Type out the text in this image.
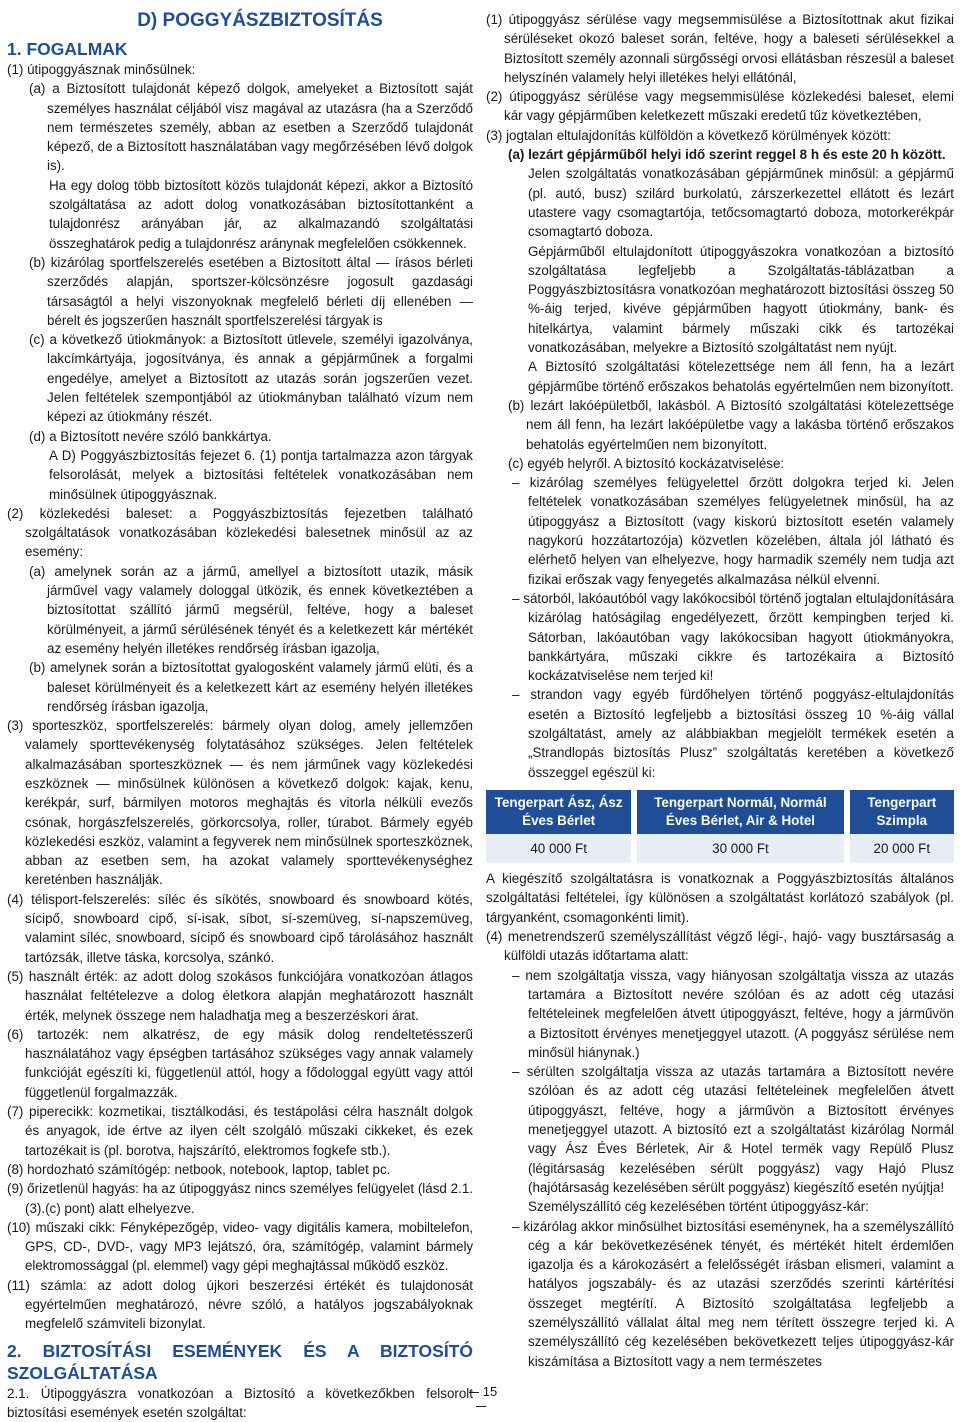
D) POGGYÁSZBIZTOSÍTÁS
1. FOGALMAK

(1) útipoggyásznak minősülnek:

(a) a Biztosított tulajdonát képező dolgok, amelyeket a Biztosított saját személyes használat céljából visz magával az utazásra (ha a Szerződő nem természetes személy, abban az esetben a Szerződő tulajdonát képező, de a Biztosított használatában vagy megőrzésében lévő dolgok is).

Ha egy dolog több biztosított közös tulajdonát képezi, akkor a Biztosító szolgáltatása az adott dolog vonatkozásában biztosítottanként a tulajdonrész arányában jár, az alkalmazandó szolgáltatási összeghatárok pedig a tulajdonrész aránynak megfelelően csökkennek.

(b) kizárólag sportfelszerelés esetében a Biztosított által — írásos bérleti szerződés alapján, sportszer-kölcsönzésre jogosult gazdasági társaságtól a helyi viszonyoknak megfelelő bérleti díj ellenében — bérelt és jogszerűen használt sportfelszerelési tárgyak is

(c) a következő útiokmányok: a Biztosított útlevele, személyi igazolványa, lakcímkártyája, jogosítványa, és annak a gépjárműnek a forgalmi engedélye, amelyet a Biztosított az utazás során jogszerűen vezet. Jelen feltételek szempontjából az útiokmányban található vízum nem képezi az útiokmány részét.

(d) a Biztosított nevére szóló bankkártya.

A D) Poggyászbiztosítás fejezet 6. (1) pontja tartalmazza azon tárgyak felsorolását, melyek a biztosítási feltételek vonatkozásában nem minősülnek útipoggyásznak.

(2) közlekedési baleset: a Poggyászbiztosítás fejezetben található szolgáltatások vonatkozásában közlekedési balesetnek minősül az az esemény:

(a) amelynek során az a jármű, amellyel a biztosított utazik, másik járművel vagy valamely dologgal ütközik, és ennek következtében a biztosítottat szállító jármű megsérül, feltéve, hogy a baleset körülményeit, a jármű sérülésének tényét és a keletkezett kár mértékét az esemény helyén illetékes rendőrség írásban igazolja,

(b) amelynek során a biztosítottat gyalogosként valamely jármű elüti, és a baleset körülményeit és a keletkezett kárt az esemény helyén illetékes rendőrség írásban igazolja,

(3) sporteszköz, sportfelszerelés: bármely olyan dolog, amely jellemzően valamely sporttevékenység folytatásához szükséges. Jelen feltételek alkalmazásában sporteszköznek — és nem járműnek vagy közlekedési eszköznek — minősülnek különösen a következő dolgok: kajak, kenu, kerékpár, surf, bármilyen motoros meghajtás és vitorla nélküli evezős csónak, horgászfelszerelés, görkorcsolya, roller, túrabot. Bármely egyéb közlekedési eszköz, valamint a fegyverek nem minősülnek sporteszköznek, abban az esetben sem, ha azokat valamely sporttevékenységhez kereténben használják.

(4) télisport-felszerelés: síléc és síkötés, snowboard és snowboard kötés, sícipő, snowboard cipő, sí-isak, síbot, sí-szemüveg, sí-napszemüveg, valamint síléc, snowboard, sícipő és snowboard cipő tárolásához használt tartózsák, illetve táska, korcsolya, szánkó.

(5) használt érték: az adott dolog szokásos funkciójára vonatkozóan átlagos használat feltételezve a dolog életkora alapján meghatározott használt érték, melynek összege nem haladhatja meg a beszerzéskori árat.

(6) tartozék: nem alkatrész, de egy másik dolog rendeltetésszerű használatához vagy épségben tartásához szükséges vagy annak valamely funkcióját egészíti ki, függetlenül attól, hogy a fődologgal együtt vagy attól függetlenül forgalmazzák.

(7) piperecikk: kozmetikai, tisztálkodási, és testápolási célra használt dolgok és anyagok, ide értve az ilyen célt szolgáló műszaki cikkeket, és ezek tartozékait is (pl. borotva, hajszárító, elektromos fogkefe stb.).

(8) hordozható számítógép: netbook, notebook, laptop, tablet pc.

(9) őrizetlenül hagyás: ha az útipoggyász nincs személyes felügyelet (lásd 2.1.(3).(c) pont) alatt elhelyezve.

(10) műszaki cikk: Fényképezőgép, video- vagy digitális kamera, mobiltelefon, GPS, CD-, DVD-, vagy MP3 lejátszó, óra, számítógép, valamint bármely elektromossággal (pl. elemmel) vagy gépi meghajtással működő eszköz.

(11) számla: az adott dolog újkori beszerzési értékét és tulajdonosát egyértelműen meghatározó, névre szóló, a hatályos jogszabályoknak megfelelő számviteli bizonylat.

2. BIZTOSÍTÁSI ESEMÉNYEK ÉS A BIZTOSÍTÓ SZOLGÁLTATÁSA

2.1. Útipoggyászra vonatkozóan a Biztosító a következőkben felsorolt biztosítási események esetén szolgáltat:

(1) útipoggyász sérülése vagy megsemmisülése a Biztosítottnak akut fizikai sérüléseket okozó baleset során, feltéve, hogy a baleseti sérülésekkel a Biztosított személy azonnali sürgősségi orvosi ellátásban részesül a baleset helyszínén valamely helyi illetékes helyi ellátónál,

(2) útipoggyász sérülése vagy megsemmisülése közlekedési baleset, elemi kár vagy gépjárműben keletkezett műszaki eredetű tűz következtében,

(3) jogtalan eltulajdonítás külföldön a következő körülmények között:

(a) lezárt gépjárműből helyi idő szerint reggel 8 h és este 20 h között.

Jelen szolgáltatás vonatkozásában gépjárműnek minősül: a gépjármű (pl. autó, busz) szilárd burkolatú, zárszerkezettel ellátott és lezárt utastere vagy csomagtartója, tetőcsomagtartó doboza, motorkerékpár csomagtartó doboza.

Gépjárműből eltulajdonított útipoggyászokra vonatkozóan a biztosító szolgáltatása legfeljebb a Szolgáltatás-táblázatban a Poggyászbiztosításra vonatkozóan meghatározott biztosítási összeg 50 %-áig terjed, kivéve gépjárműben hagyott útiokmány, bank- és hitelkártya, valamint bármely műszaki cikk és tartozékai vonatkozásában, melyekre a Biztosító szolgáltatást nem nyújt.

A Biztosító szolgáltatási kötelezettsége nem áll fenn, ha a lezárt gépjárműbe történő erőszakos behatolás egyértelműen nem bizonyított.

(b) lezárt lakóépületből, lakásból. A Biztosító szolgáltatási kötelezettsége nem áll fenn, ha lezárt lakóépületbe vagy a lakásba történő erőszakos behatolás egyértelműen nem bizonyított.

(c) egyéb helyről. A biztosító kockázatviselése:

– kizárólag személyes felügyelettel őrzött dolgokra terjed ki. Jelen feltételek vonatkozásában személyes felügyeletnek minősül, ha az útipoggyász a Biztosított (vagy kiskorú biztosított esetén valamely nagykorú hozzátartozója) közvetlen közelében, általa jól látható és elérhető helyen van elhelyezve, hogy harmadik személy nem tudja azt fizikai erőszak vagy fenyegetés alkalmazása nélkül elvenni.

– sátorból, lakóautóból vagy lakókocsiból történő jogtalan eltulajdonítására kizárólag hatóságilag engedélyezett, őrzött kempingben terjed ki. Sátorban, lakóautóban vagy lakókocsiban hagyott útiokmányokra, bankkártyára, műszaki cikkre és tartozékaira a Biztosító kockázatviselése nem terjed ki!

– strandon vagy egyéb fürdőhelyen történő poggyász-eltulajdonítás esetén a Biztosító legfeljebb a biztosítási összeg 10 %-áig vállal szolgáltatást, amely az alábbiakban megjelölt termékek esetén a „Strandlopás biztosítás Plusz” szolgáltatás keretében a következő összeggel egészül ki:

Tengerpart Ász, Ász Éves Bérlet		Tengerpart Normál, Normál Éves Bérlet, Air & Hotel		Tengerpart Szimpla
40 000 Ft		30 000 Ft		20 000 Ft

A kiegészítő szolgáltatásra is vonatkoznak a Poggyászbiztosítás általános szolgáltatási feltételei, így különösen a szolgáltatást korlátozó szabályok (pl. tárgyanként, csomagonkénti limit).

(4) menetrendszerű személyszállítást végző légi-, hajó- vagy busztársaság a külföldi utazás időtartama alatt:

– nem szolgáltatja vissza, vagy hiányosan szolgáltatja vissza az utazás tartamára a Biztosított nevére szólóan és az adott cég utazási feltételeinek megfelelően átvett útipoggyászt, feltéve, hogy a járművön a Biztosított érvényes menetjeggyel utazott. (A poggyász sérülése nem minősül hiánynak.)

– sérülten szolgáltatja vissza az utazás tartamára a Biztosított nevére szólóan és az adott cég utazási feltételeinek megfelelően átvett útipoggyászt, feltéve, hogy a járművön a Biztosított érvényes menetjeggyel utazott. A biztosító ezt a szolgáltatást kizárólag Normál vagy Ász Éves Bérletek, Air & Hotel termék vagy Repülő Plusz (légitársaság kezelésében sérült poggyász) vagy Hajó Plusz (hajótársaság kezelésében sérült poggyász) kiegészítő esetén nyújtja!

Személyszállító cég kezelésében történt útipoggyász-kár:

– kizárólag akkor minősülhet biztosítási eseménynek, ha a személyszállító cég a kár bekövetkezésének tényét, és mértékét hitelt érdemlően igazolja és a károkozásért a felelősségét írásban elismeri, valamint a hatályos jogszabály- és az utazási szerződés szerinti kártérítési összeget megtérítí. A Biztosító szolgáltatása legfeljebb a személyszállító vállalat által meg nem térített összegre terjed ki. A személyszállító cég kezelésében bekövetkezett teljes útipoggyász-kár kiszámítása a Biztosított vagy a nem természetes

15
